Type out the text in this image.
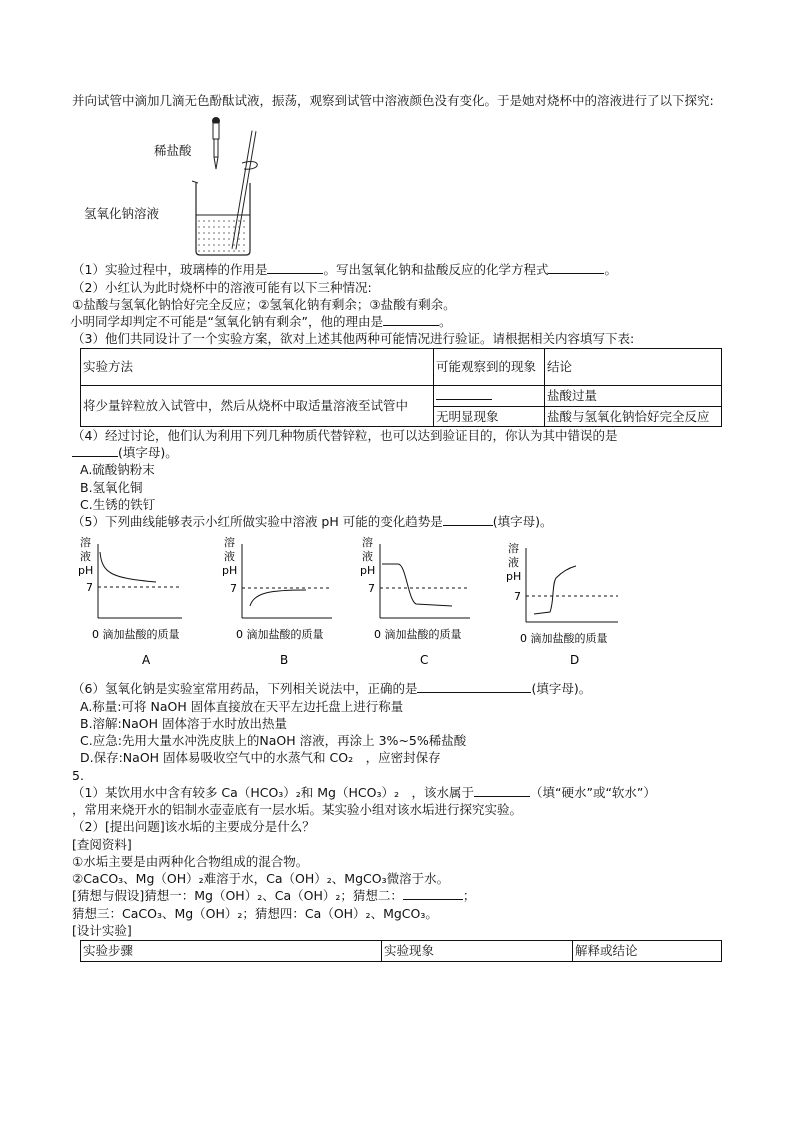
并向试管中滴加几滴无色酚酞试液，振荡，观察到试管中溶液颜色没有变化。于是她对烧杯中的溶液进行了以下探究:

稀盐酸
氢氧化钠溶液

（1）实验过程中，玻璃棒的作用是	。写出氢氧化钠和盐酸反应的化学方程式	。

（2）小红认为此时烧杯中的溶液可能有以下三种情况:

①盐酸与氢氧化钠恰好完全反应；②氢氧化钠有剩余；③盐酸有剩余。

小明同学却判定不可能是“氢氧化钠有剩余”，他的理由是	。

（3）他们共同设计了一个实验方案，欲对上述其他两种可能情况进行验证。请根据相关内容填写下表:

实验方法	可能观察到的现象	结论
将少量锌粒放入试管中，然后从烧杯中取适量溶液至试管中		盐酸过量
	无明显现象	盐酸与氢氧化钠恰好完全反应

（4）经过讨论，他们认为利用下列几种物质代替锌粒，也可以达到验证目的，你认为其中错误的是

(填字母)。

A.硫酸钠粉末

B.氢氧化铜

C.生锈的铁钉

（5）下列曲线能够表示小红所做实验中溶液 pH 可能的变化趋势是	(填字母)。

溶
液
pH
7
0 滴加盐酸的质量
A
溶
液
pH
7
0 滴加盐酸的质量
B
溶
液
pH
7
0 滴加盐酸的质量
C
溶
液
pH
7
0 滴加盐酸的质量
D

（6）氢氧化钠是实验室常用药品，下列相关说法中，正确的是	(填字母)。

A.称量:可将 NaOH 固体直接放在天平左边托盘上进行称量

B.溶解:NaOH 固体溶于水时放出热量

C.应急:先用大量水冲洗皮肤上的NaOH 溶液，再涂上 3%~5%稀盐酸

D.保存:NaOH 固体易吸收空气中的水蒸气和 CO₂　，应密封保存

5.

（1）某饮用水中含有较多 Ca（HCO₃）₂和 Mg（HCO₃）₂　，该水属于	（填“硬水”或“软水”）

，常用来烧开水的铝制水壶壶底有一层水垢。某实验小组对该水垢进行探究实验。

（2）[提出问题]该水垢的主要成分是什么？

[查阅资料]

①水垢主要是由两种化合物组成的混合物。

②CaCO₃、Mg（OH）₂难溶于水，Ca（OH）₂、MgCO₃微溶于水。

[猜想与假设]猜想一：Mg（OH）₂、Ca（OH）₂；猜想二：	；

猜想三：CaCO₃、Mg（OH）₂；猜想四：Ca（OH）₂、MgCO₃。

[设计实验]

实验步骤	实验现象	解释或结论
